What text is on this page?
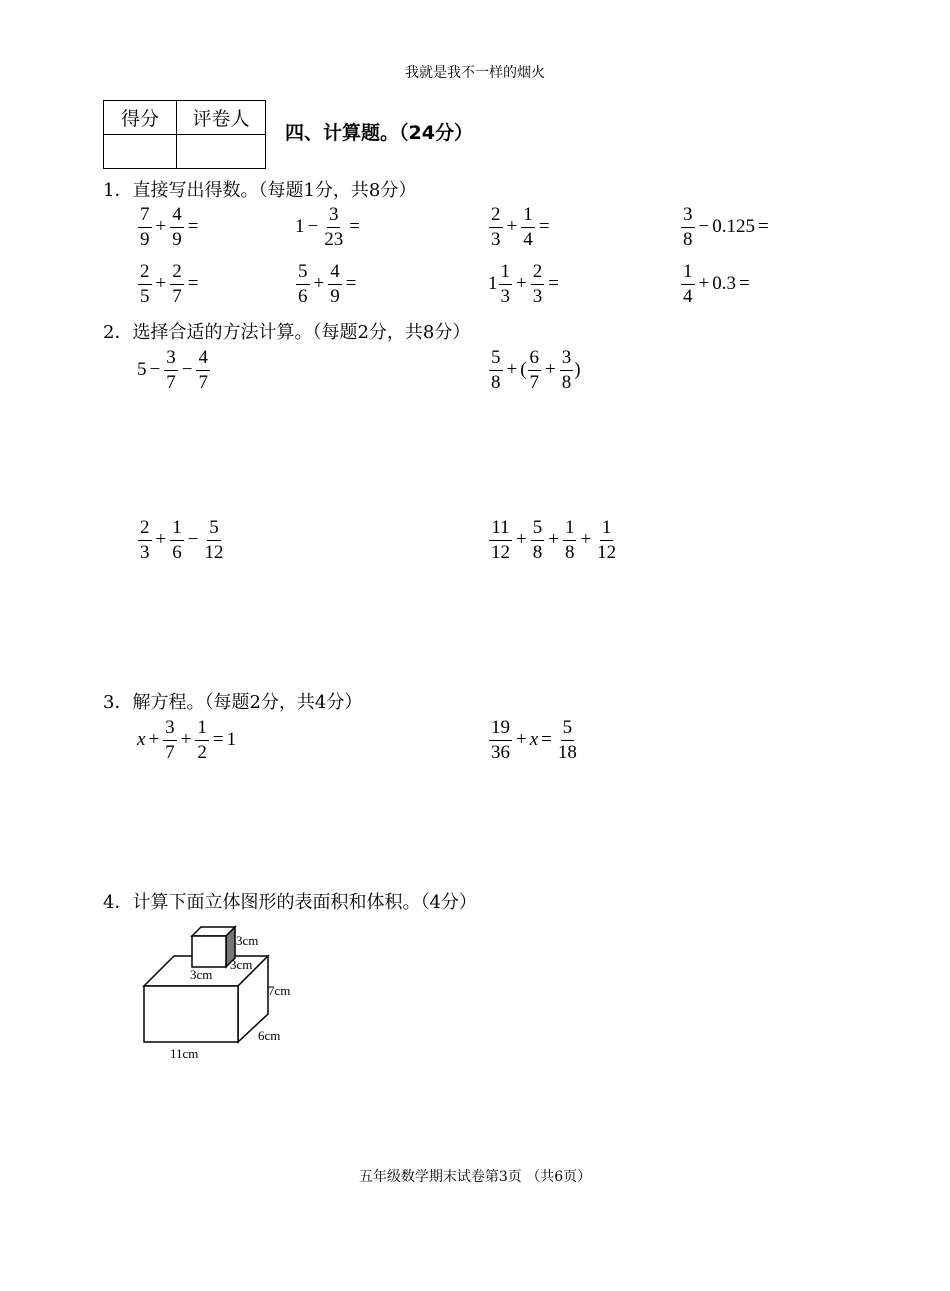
我就是我不一样的烟火
得分	评卷人

四、计算题。（24分）
1．直接写出得数。（每题1分，共8分）
$\frac{7}{9} + \frac{4}{9}$ =	$1 - \frac{3}{23}$ =	$\frac{2}{3} + \frac{1}{4}$ =	$\frac{3}{8} - 0.125$ =
$\frac{2}{5} + \frac{2}{7}$ =	$\frac{5}{6} + \frac{4}{9}$ =	$1 \frac{1}{3} + \frac{2}{3}$ =	$\frac{1}{4} + 0.3$ =
2．选择合适的方法计算。（每题2分，共8分）
$5 - \frac{3}{7} - \frac{4}{7}$	$\frac{5}{8}$ + ( $\frac{6}{7} + \frac{3}{8}$ )
$\frac{2}{3} + \frac{1}{6} - \frac{5}{12}$	$\frac{11}{12} + \frac{5}{8} + \frac{1}{8} + \frac{1}{12}$
3．解方程。（每题2分，共4分）
$x + \frac{3}{7} + \frac{1}{2} = 1$	$\frac{19}{36} + x = \frac{5}{18}$
4．计算下面立体图形的表面积和体积。（4分）
3cm
3cm
3cm
7cm
6cm
11cm
五年级数学期末试卷第3页 （共6页）
